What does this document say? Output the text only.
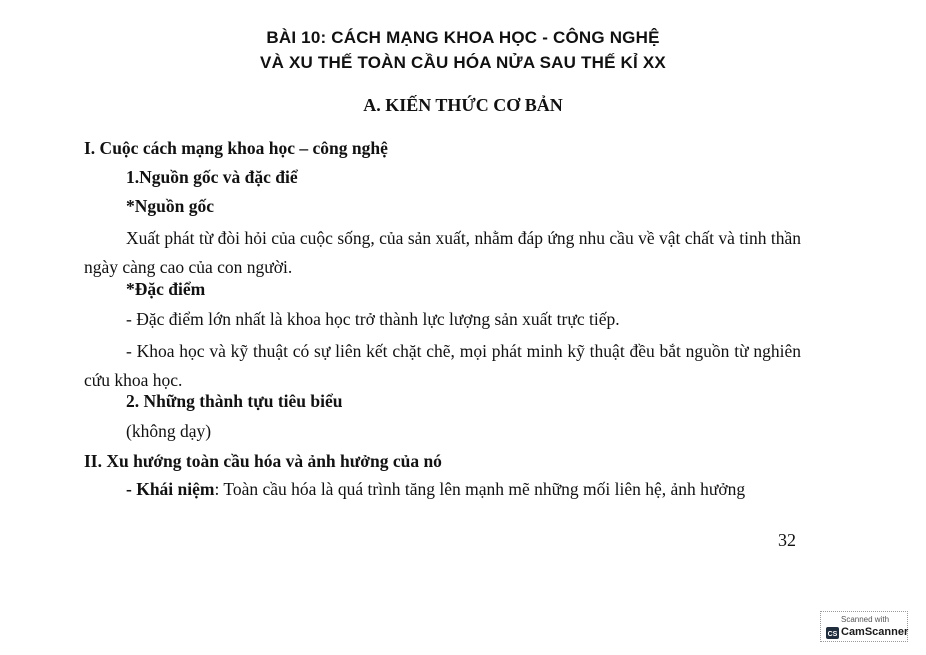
BÀI 10: CÁCH MẠNG KHOA HỌC - CÔNG NGHỆ
VÀ XU THẾ TOÀN CẦU HÓA NỬA SAU THẾ KỈ XX
A. KIẾN THỨC CƠ BẢN
I. Cuộc cách mạng khoa học – công nghệ
1.Nguồn gốc và đặc điể
*Nguồn gốc
Xuất phát từ đòi hỏi của cuộc sống, của sản xuất, nhằm đáp ứng nhu cầu về vật chất và tinh thần ngày càng cao của con người.
*Đặc điểm
- Đặc điểm lớn nhất là khoa học trở thành lực lượng sản xuất trực tiếp.
- Khoa học và kỹ thuật có sự liên kết chặt chẽ, mọi phát minh kỹ thuật đều bắt nguồn từ nghiên cứu khoa học.
2. Những thành tựu tiêu biểu
(không dạy)
II. Xu hướng toàn cầu hóa và ảnh hưởng của nó
- Khái niệm: Toàn cầu hóa là quá trình tăng lên mạnh mẽ những mối liên hệ, ảnh hưởng
32
Scanned with
CS CamScanner
